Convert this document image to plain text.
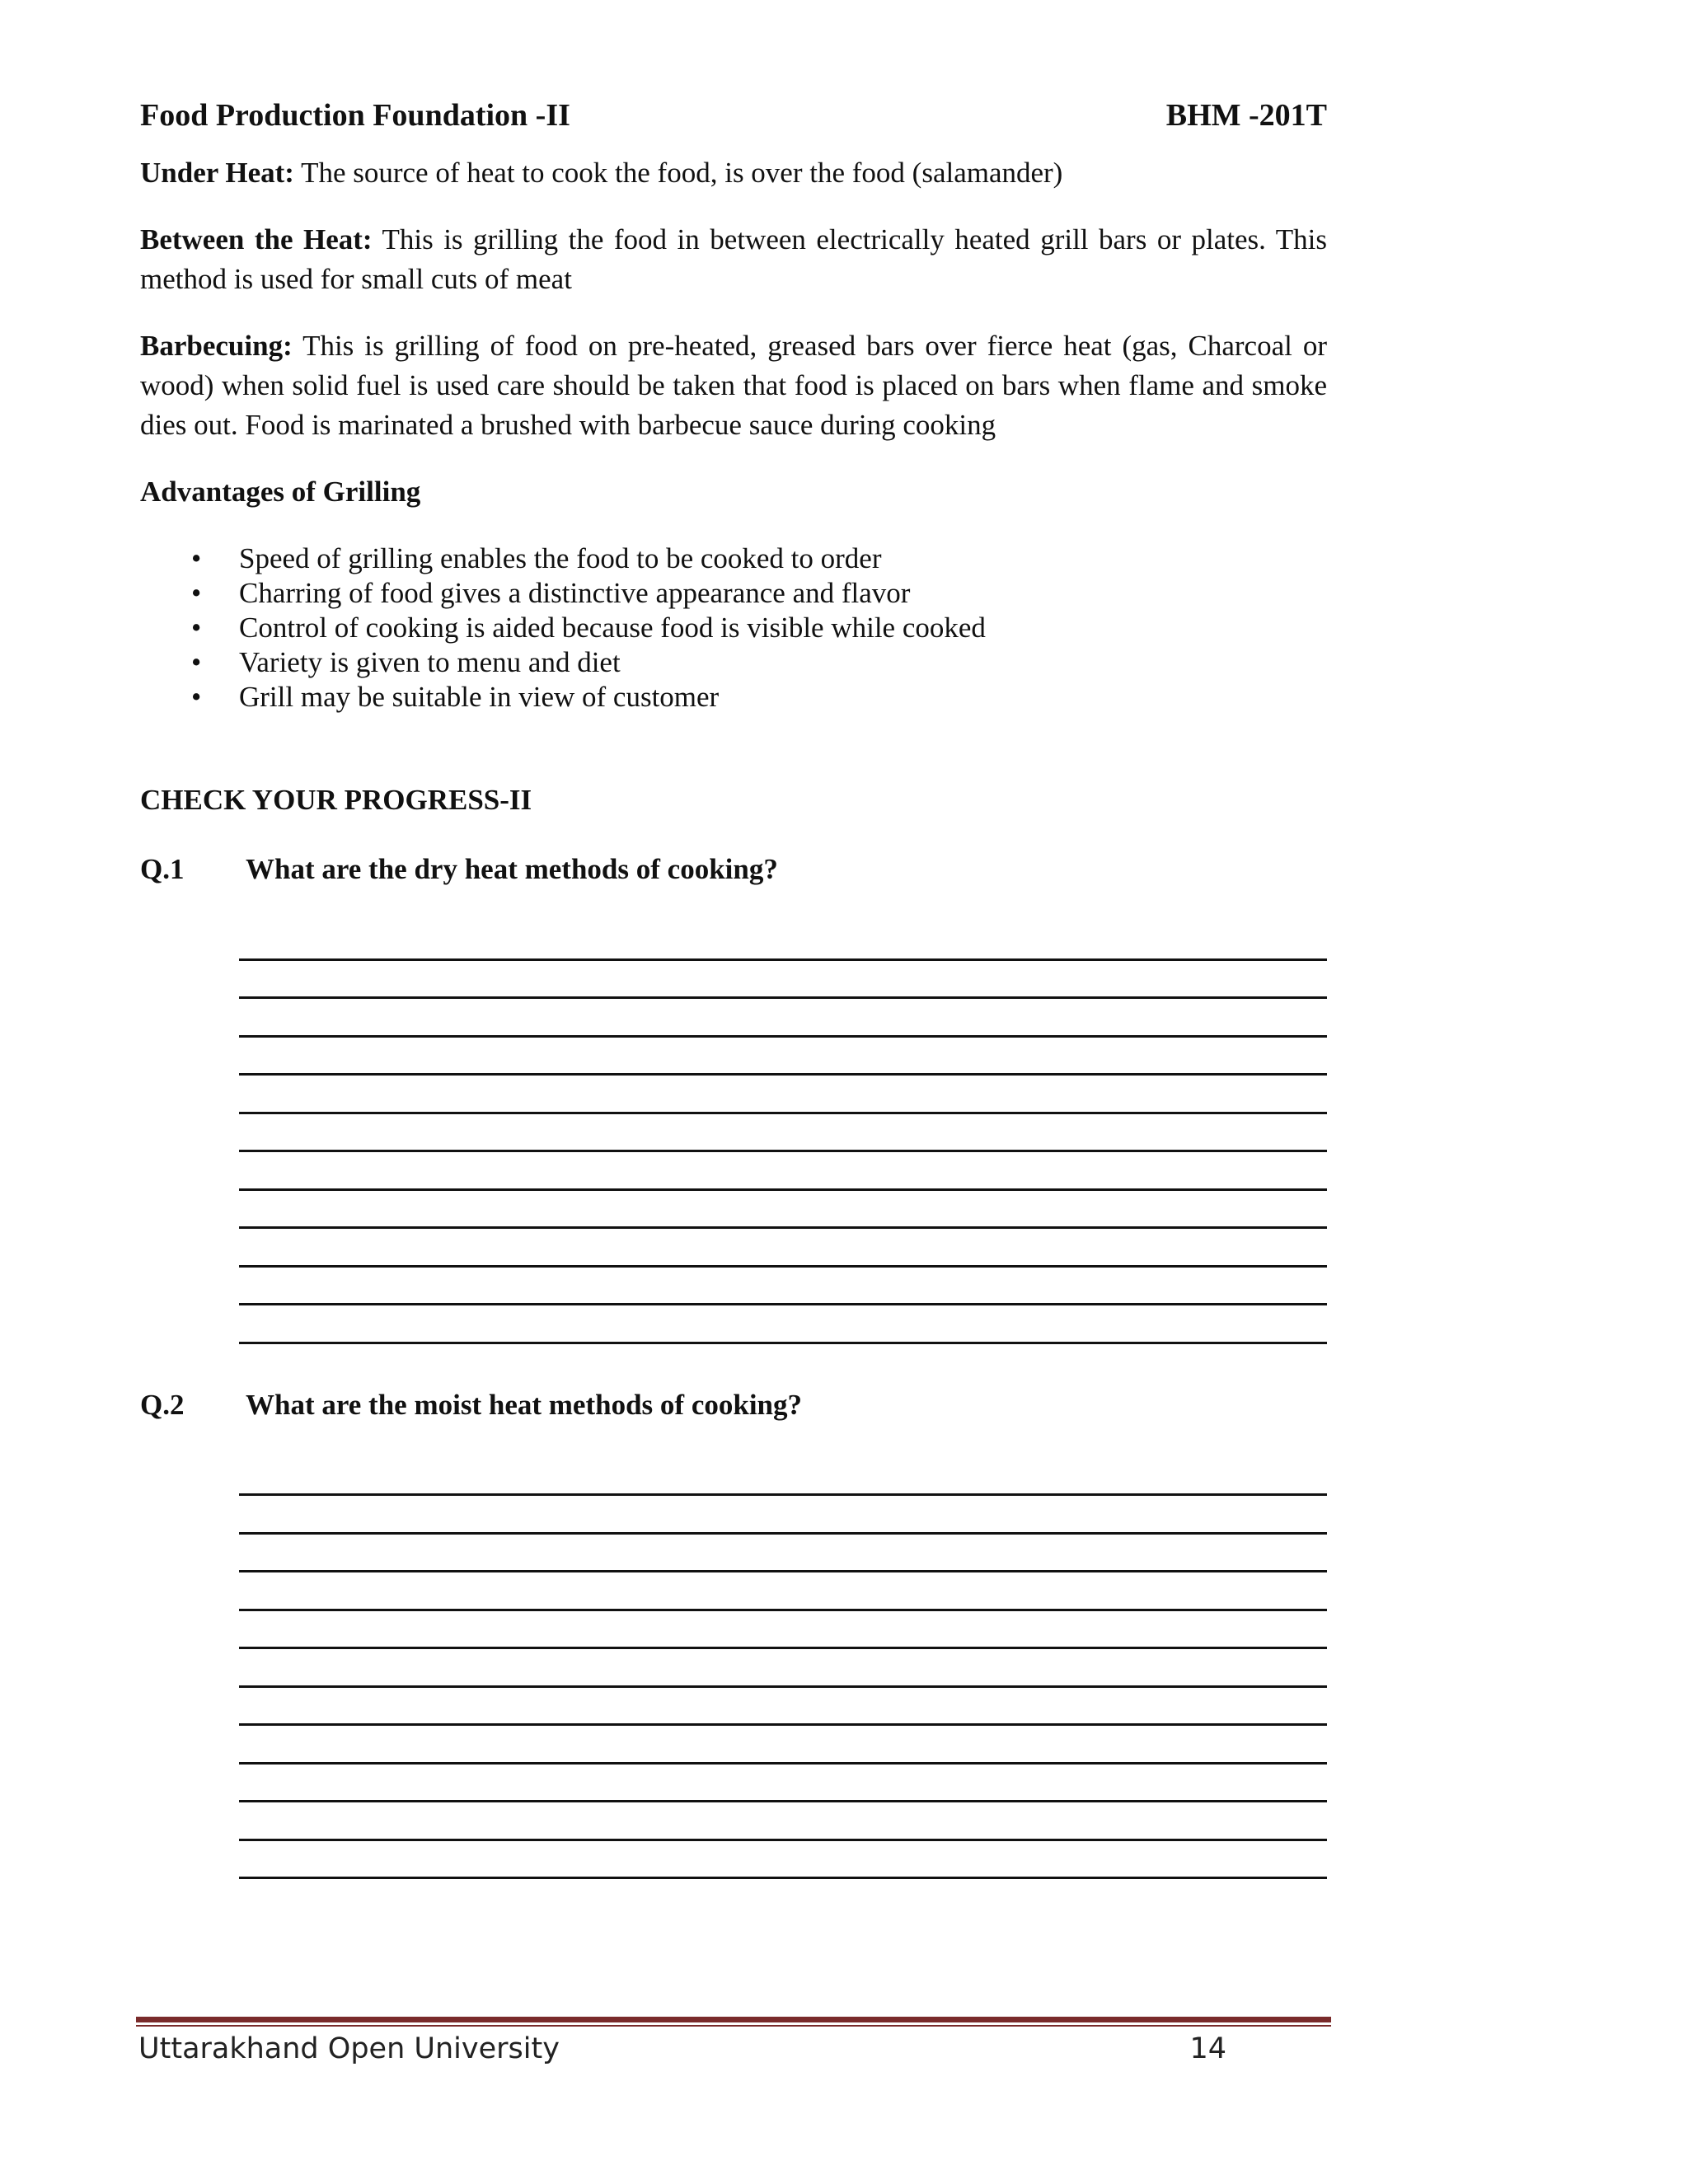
Food Production Foundation -II	BHM -201T

Under Heat: The source of heat to cook the food, is over the food (salamander)

Between the Heat: This is grilling the food in between electrically heated grill bars or plates. This method is used for small cuts of meat

Barbecuing: This is grilling of food on pre-heated, greased bars over fierce heat (gas, Charcoal or wood) when solid fuel is used care should be taken that food is placed on bars when flame and smoke dies out. Food is marinated a brushed with barbecue sauce during cooking

Advantages of Grilling
• Speed of grilling enables the food to be cooked to order
• Charring of food gives a distinctive appearance and flavor
• Control of cooking is aided because food is visible while cooked
• Variety is given to menu and diet
• Grill may be suitable in view of customer
CHECK YOUR PROGRESS-II
Q.1	What are the dry heat methods of cooking?
Q.2	What are the moist heat methods of cooking?
Uttarakhand Open University	14
